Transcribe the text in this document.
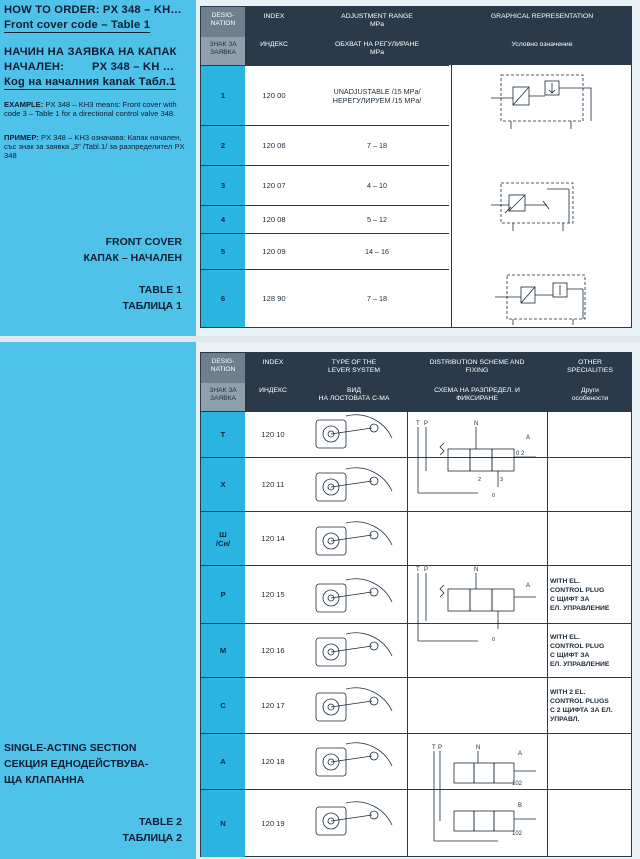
HOW TO ORDER: PX 348 – KH…
Front cover code – Table 1
НАЧИН НА ЗАЯВКА НА КАПАК
НАЧАЛЕН: PX 348 – KH …
Кog на началния kanak Табл.1
EXAMPLE: PX 348 – KH3 means: Front cover with code 3 – Table 1 for a directional control valve 348.
ПРИМЕР: PX 348 – KH3 означава: Капак начален, със знак за заявка „3" /Tabl.1/ за разпределител PX 348
FRONT COVER
КАПАК – НАЧАЛЕН
TABLE 1
ТАБЛИЦА 1
SINGLE-ACTING SECTION
СЕКЦИЯ ЕДНОДЕЙСТВУВА-
ЩА КЛАПАННА
TABLE 2
ТАБЛИЦА 2
DESIG-
NATION
ЗНАК ЗА
ЗАЯВКА
INDEX
ИНДЕКС
ADJUSTMENT RANGE
MPa
ОБХВАТ НА РЕГУЛИРАНЕ
MPa
GRAPHICAL REPRESENTATION
Условно означение
1	120 00	UNADJUSTABLE /15 MPa/
НЕРЕГУЛИРУЕМ /15 MPa/
2	120 06	7 – 18
3	120 07	4 – 10
4	120 08	5 – 12
5	120 09	14 – 16
6	128 90	7 – 18
DESIG-
NATION
ЗНАК ЗА
ЗАЯВКА
INDEX
ИНДЕКС
TYPE OF THE
LEVER SYSTEM
ВИД
НА ЛОСТОВАТА С-МА
DISTRIBUTION SCHEME AND
FIXING
СХЕМА НА РАЗПРЕДЕЛ. И
ФИКСИРАНЕ
OTHER
SPECIALITIES
Други
особености
T	120 10
X	120 11
Ш
/Cн/	120 14
P	120 15
WITH EL.
CONTROL PLUG
С ЩИФТ ЗА
ЕЛ. УПРАВЛЕНИЕ
M	120 16
WITH EL.
CONTROL PLUG
С ЩИФТ ЗА
ЕЛ. УПРАВЛЕНИЕ
C	120 17
WITH 2 EL.
CONTROL PLUGS
С 2 ЩИФТА ЗА ЕЛ.
УПРАВЛ.
A	120 18
N	120 19
T P	N
A
0 2
2	3
0
T P	N
A
0
T P	N
A
102
B
102
